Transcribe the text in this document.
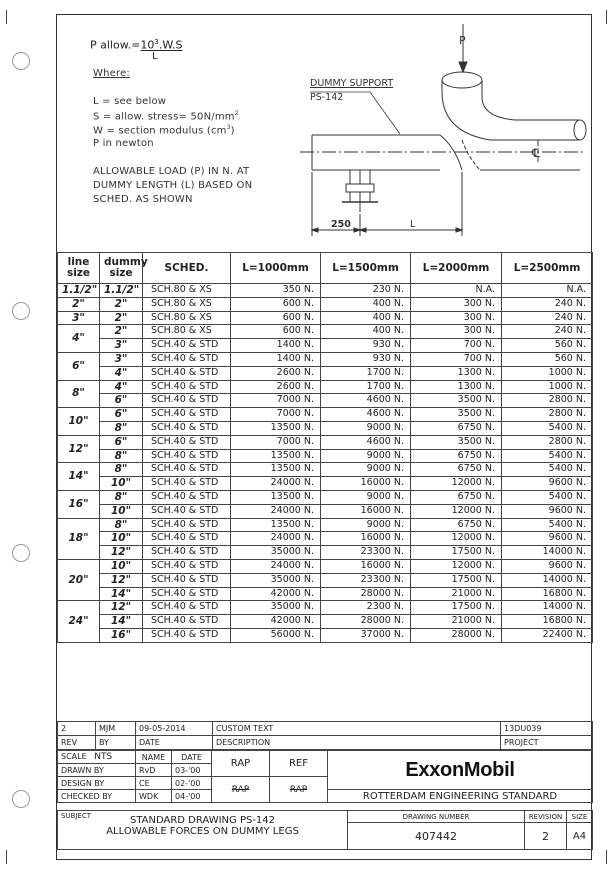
P $allow.=10^3.W.S$
L
Where:
L = see below
S = allow. stress= $50N/mm^2$
W = section modulus $(cm^3)$
P in newton
ALLOWABLE LOAD (P) IN N. AT
DUMMY LENGTH (L) BASED ON
SCHED. AS SHOWN
P
DUMMY SUPPORT
PS-142
250	L
℄
line
size	dummy
size	SCHED.	L=1000mm	L=1500mm	L=2000mm	L=2500mm
1.1/2"	1.1/2"	SCH.80 & XS	350 N.	230 N.	N.A.	N.A.
2"	2"	SCH.80 & XS	600 N.	400 N.	300 N.	240 N.
3"	2"	SCH.80 & XS	600 N.	400 N.	300 N.	240 N.
4"	2"	SCH.80 & XS	600 N.	400 N.	300 N.	240 N.
	3"	SCH.40 & STD	1400 N.	930 N.	700 N.	560 N.
6"	3"	SCH.40 & STD	1400 N.	930 N.	700 N.	560 N.
	4"	SCH.40 & STD	2600 N.	1700 N.	1300 N.	1000 N.
8"	4"	SCH.40 & STD	2600 N.	1700 N.	1300 N.	1000 N.
	6"	SCH.40 & STD	7000 N.	4600 N.	3500 N.	2800 N.
10"	6"	SCH.40 & STD	7000 N.	4600 N.	3500 N.	2800 N.
	8"	SCH.40 & STD	13500 N.	9000 N.	6750 N.	5400 N.
12"	6"	SCH.40 & STD	7000 N.	4600 N.	3500 N.	2800 N.
	8"	SCH.40 & STD	13500 N.	9000 N.	6750 N.	5400 N.
14"	8"	SCH.40 & STD	13500 N.	9000 N.	6750 N.	5400 N.
	10"	SCH.40 & STD	24000 N.	16000 N.	12000 N.	9600 N.
16"	8"	SCH.40 & STD	13500 N.	9000 N.	6750 N.	5400 N.
	10"	SCH.40 & STD	24000 N.	16000 N.	12000 N.	9600 N.
18"	8"	SCH.40 & STD	13500 N.	9000 N.	6750 N.	5400 N.
	10"	SCH.40 & STD	24000 N.	16000 N.	12000 N.	9600 N.
	12"	SCH.40 & STD	35000 N.	23300 N.	17500 N.	14000 N.
20"	10"	SCH.40 & STD	24000 N.	16000 N.	12000 N.	9600 N.
	12"	SCH.40 & STD	35000 N.	23300 N.	17500 N.	14000 N.
	14"	SCH.40 & STD	42000 N.	28000 N.	21000 N.	16800 N.
24"	12"	SCH.40 & STD	35000 N.	2300 N.	17500 N.	14000 N.
	14"	SCH.40 & STD	42000 N.	28000 N.	21000 N.	16800 N.
	16"	SCH.40 & STD	56000 N.	37000 N.	28000 N.	22400 N.
2	MJM	09-05-2014	CUSTOM TEXT	13DU039
REV	BY	DATE	DESCRIPTION	PROJECT
SCALE NTS	NAME	DATE	RAP	REF	ExxonMobil
DRAWN BY	RvD	03-'00			
DESIGN BY	CE	02-'00	RAP	RAP	
CHECKED BY	WDK	04-'00			ROTTERDAM ENGINEERING STANDARD
SUBJECT STANDARD DRAWING PS-142
ALLOWABLE FORCES ON DUMMY LEGS	DRAWING NUMBER	REVISION	SIZE
	407442	2	A4
